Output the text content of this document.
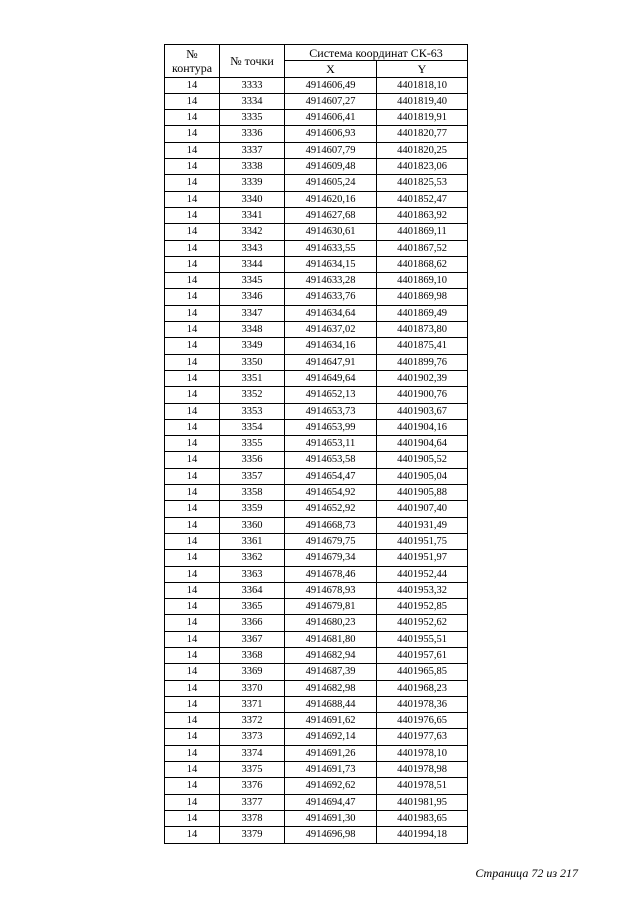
№ контура	№ точки	Система координат СК-63	
		X	Y
14	3333	4914606,49	4401818,10
14	3334	4914607,27	4401819,40
14	3335	4914606,41	4401819,91
14	3336	4914606,93	4401820,77
14	3337	4914607,79	4401820,25
14	3338	4914609,48	4401823,06
14	3339	4914605,24	4401825,53
14	3340	4914620,16	4401852,47
14	3341	4914627,68	4401863,92
14	3342	4914630,61	4401869,11
14	3343	4914633,55	4401867,52
14	3344	4914634,15	4401868,62
14	3345	4914633,28	4401869,10
14	3346	4914633,76	4401869,98
14	3347	4914634,64	4401869,49
14	3348	4914637,02	4401873,80
14	3349	4914634,16	4401875,41
14	3350	4914647,91	4401899,76
14	3351	4914649,64	4401902,39
14	3352	4914652,13	4401900,76
14	3353	4914653,73	4401903,67
14	3354	4914653,99	4401904,16
14	3355	4914653,11	4401904,64
14	3356	4914653,58	4401905,52
14	3357	4914654,47	4401905,04
14	3358	4914654,92	4401905,88
14	3359	4914652,92	4401907,40
14	3360	4914668,73	4401931,49
14	3361	4914679,75	4401951,75
14	3362	4914679,34	4401951,97
14	3363	4914678,46	4401952,44
14	3364	4914678,93	4401953,32
14	3365	4914679,81	4401952,85
14	3366	4914680,23	4401952,62
14	3367	4914681,80	4401955,51
14	3368	4914682,94	4401957,61
14	3369	4914687,39	4401965,85
14	3370	4914682,98	4401968,23
14	3371	4914688,44	4401978,36
14	3372	4914691,62	4401976,65
14	3373	4914692,14	4401977,63
14	3374	4914691,26	4401978,10
14	3375	4914691,73	4401978,98
14	3376	4914692,62	4401978,51
14	3377	4914694,47	4401981,95
14	3378	4914691,30	4401983,65
14	3379	4914696,98	4401994,18
Страница 72 из 217
